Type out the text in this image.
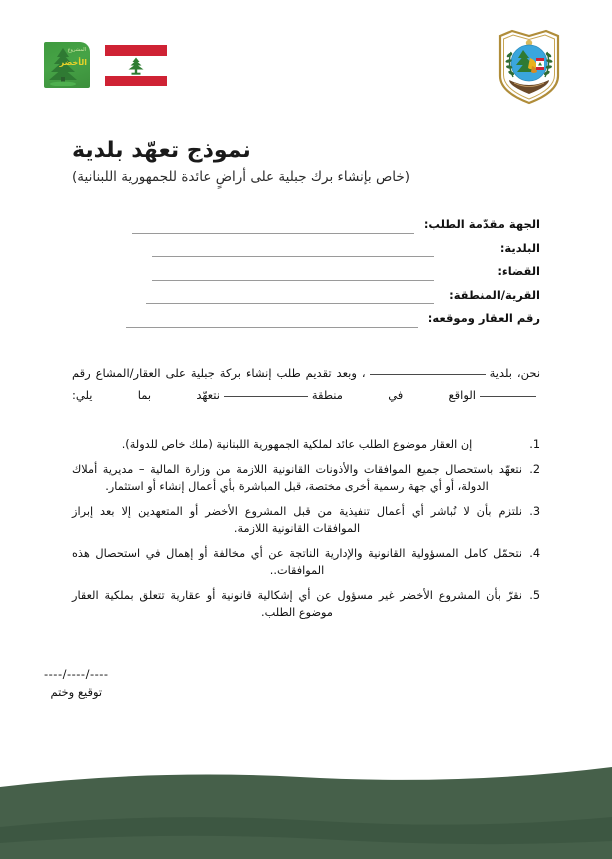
المشروع
الأخضر
نموذج تعهّد بلدية
(خاص بإنشاء برك جبلية على أراضٍ عائدة للجمهورية اللبنانية)
الجهة مقدّمة الطلب:
البلدية:
القضاء:
القرية/المنطقة:
رقم العقار وموقعه:
نحن، بلدية، وبعد تقديم طلب إنشاء بركة جبلية على العقار/المشاع رقمالواقع في منطقةنتعهّد بما يلي:
1.
إن العقار موضوع الطلب عائد لملكية الجمهورية اللبنانية (ملك خاص للدولة).
2.
نتعهّد باستحصال جميع الموافقات والأذونات القانونية اللازمة من وزارة المالية – مديرية أملاك الدولة، أو أي جهة رسمية أخرى مختصة، قبل المباشرة بأي أعمال إنشاء أو استثمار.
3.
نلتزم بأن لا نُباشر أي أعمال تنفيذية من قبل المشروع الأخضر أو المتعهدين إلا بعد إبراز الموافقات القانونية اللازمة.
4.
نتحمّل كامل المسؤولية القانونية والإدارية الناتجة عن أي مخالفة أو إهمال في استحصال هذه الموافقات..
5.
نقرّ بأن المشروع الأخضر غير مسؤول عن أي إشكالية قانونية أو عقارية تتعلق بملكية العقار موضوع الطلب.
----/----/----
توقيع وختم
